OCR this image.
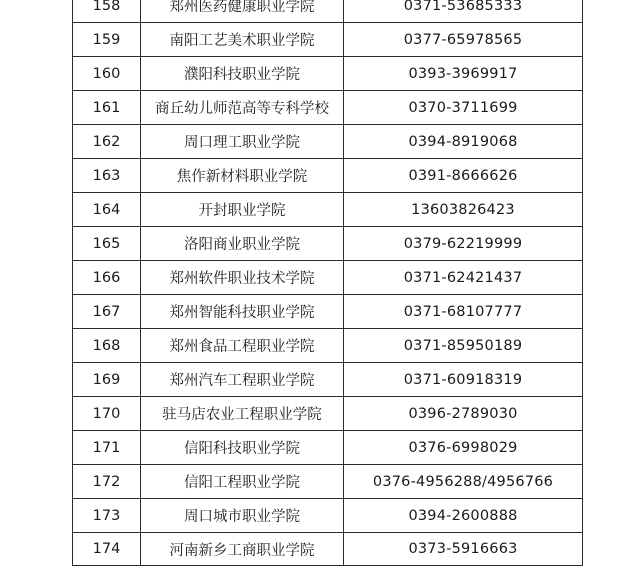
158	郑州医药健康职业学院	0371-53685333
159	南阳工艺美术职业学院	0377-65978565
160	濮阳科技职业学院	0393-3969917
161	商丘幼儿师范高等专科学校	0370-3711699
162	周口理工职业学院	0394-8919068
163	焦作新材料职业学院	0391-8666626
164	开封职业学院	13603826423
165	洛阳商业职业学院	0379-62219999
166	郑州软件职业技术学院	0371-62421437
167	郑州智能科技职业学院	0371-68107777
168	郑州食品工程职业学院	0371-85950189
169	郑州汽车工程职业学院	0371-60918319
170	驻马店农业工程职业学院	0396-2789030
171	信阳科技职业学院	0376-6998029
172	信阳工程职业学院	0376-4956288/4956766
173	周口城市职业学院	0394-2600888
174	河南新乡工商职业学院	0373-5916663
